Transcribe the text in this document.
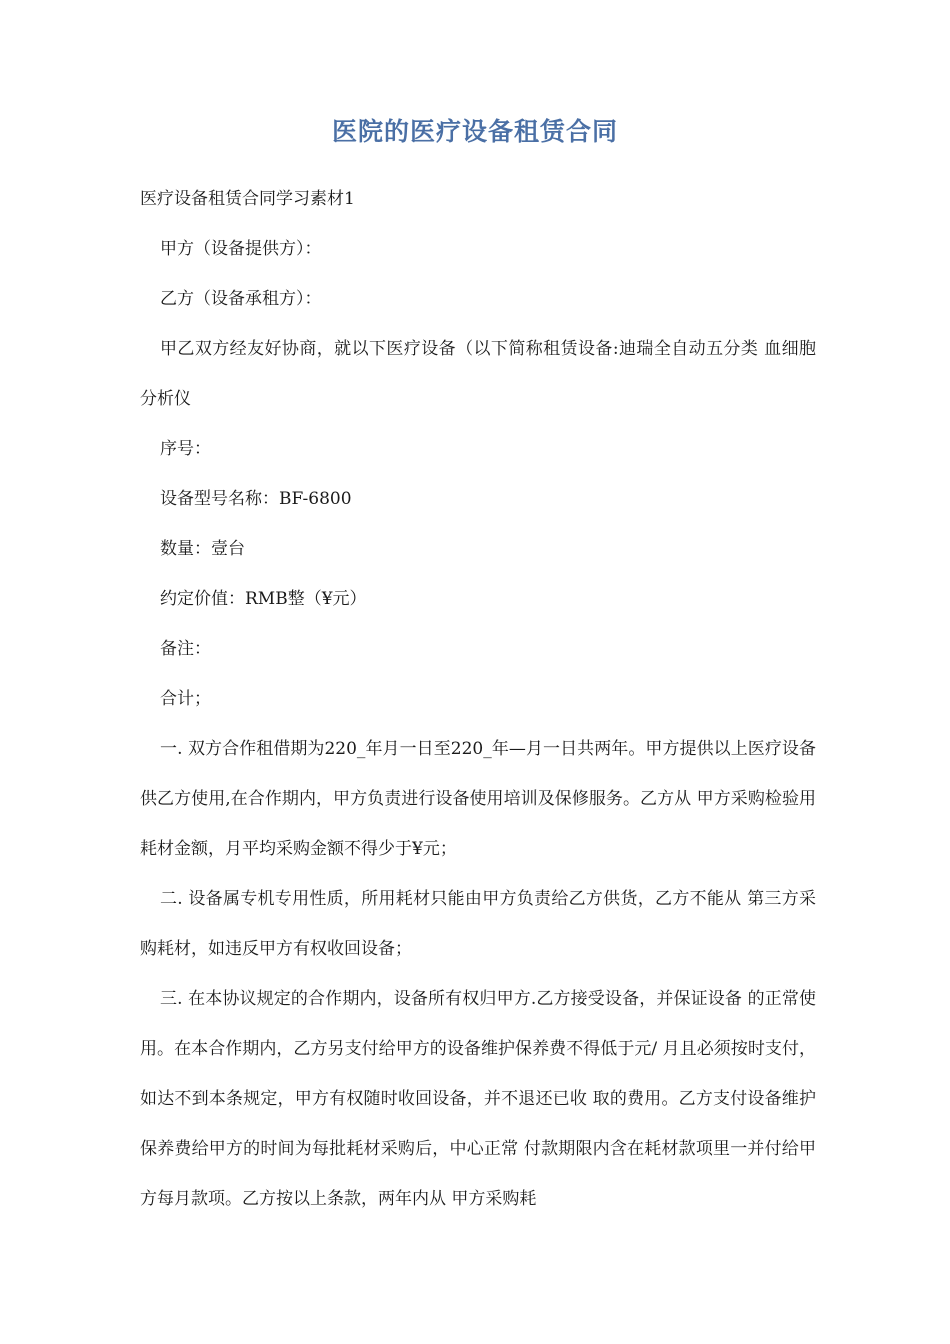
医院的医疗设备租赁合同

医疗设备租赁合同学习素材1

甲方（设备提供方）：

乙方（设备承租方）：

甲乙双方经友好协商，就以下医疗设备（以下简称租赁设备:迪瑞全自动五分类 血细胞分析仪

序号：

设备型号名称：BF-6800

数量：壹台

约定价值：RMB整（¥元）

备注：

合计；

一. 双方合作租借期为220_年月一日至220_年—月一日共两年。甲方提供以上医疗设备供乙方使用,在合作期内，甲方负责进行设备使用培训及保修服务。乙方从 甲方采购检验用耗材金额，月平均采购金额不得少于¥元；

二. 设备属专机专用性质，所用耗材只能由甲方负责给乙方供货，乙方不能从 第三方采购耗材，如违反甲方有权收回设备；

三. 在本协议规定的合作期内，设备所有权归甲方.乙方接受设备，并保证设备 的正常使用。在本合作期内，乙方另支付给甲方的设备维护保养费不得低于元/ 月且必须按时支付，如达不到本条规定，甲方有权随时收回设备，并不退还已收 取的费用。乙方支付设备维护保养费给甲方的时间为每批耗材采购后，中心正常 付款期限内含在耗材款项里一并付给甲方每月款项。乙方按以上条款，两年内从 甲方采购耗
